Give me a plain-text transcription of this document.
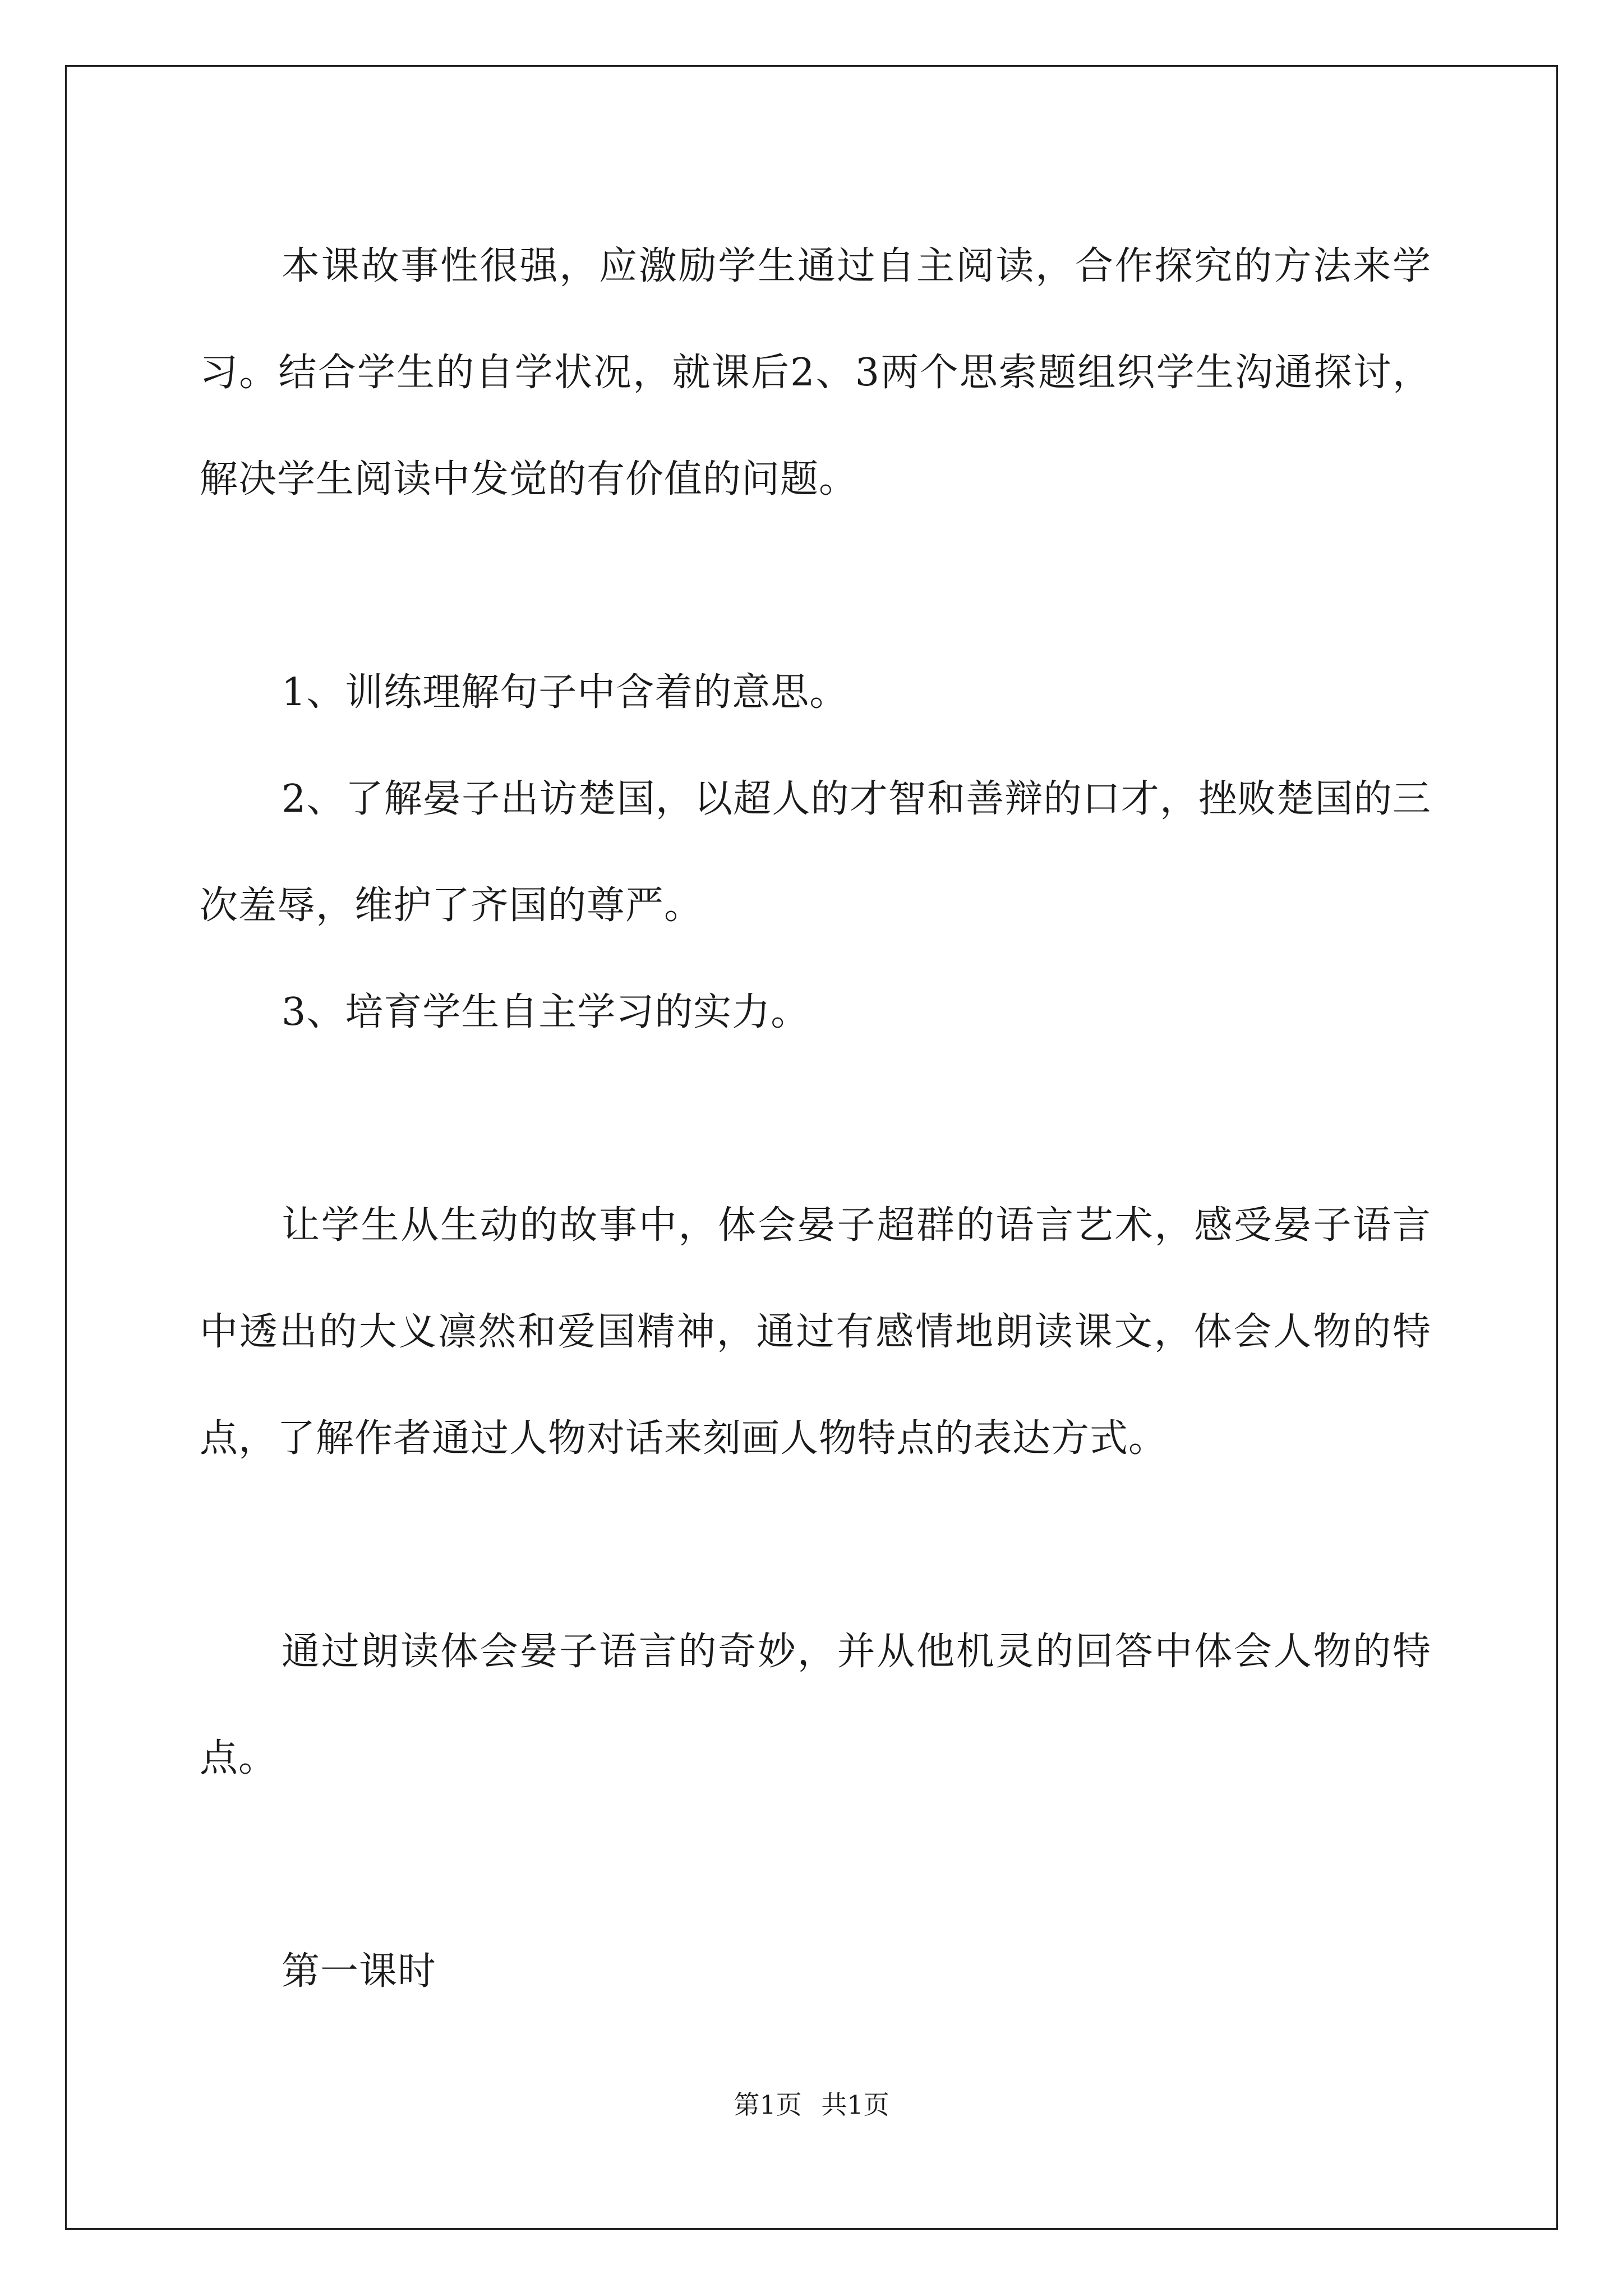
本课故事性很强，应激励学生通过自主阅读，合作探究的方法来学习。结合学生的自学状况，就课后2、3两个思索题组织学生沟通探讨，解决学生阅读中发觉的有价值的问题。

1、训练理解句子中含着的意思。

2、了解晏子出访楚国，以超人的才智和善辩的口才，挫败楚国的三次羞辱，维护了齐国的尊严。

3、培育学生自主学习的实力。

让学生从生动的故事中，体会晏子超群的语言艺术，感受晏子语言中透出的大义凛然和爱国精神，通过有感情地朗读课文，体会人物的特点，了解作者通过人物对话来刻画人物特点的表达方式。

通过朗读体会晏子语言的奇妙，并从他机灵的回答中体会人物的特点。

第一课时

第1页 共1页
